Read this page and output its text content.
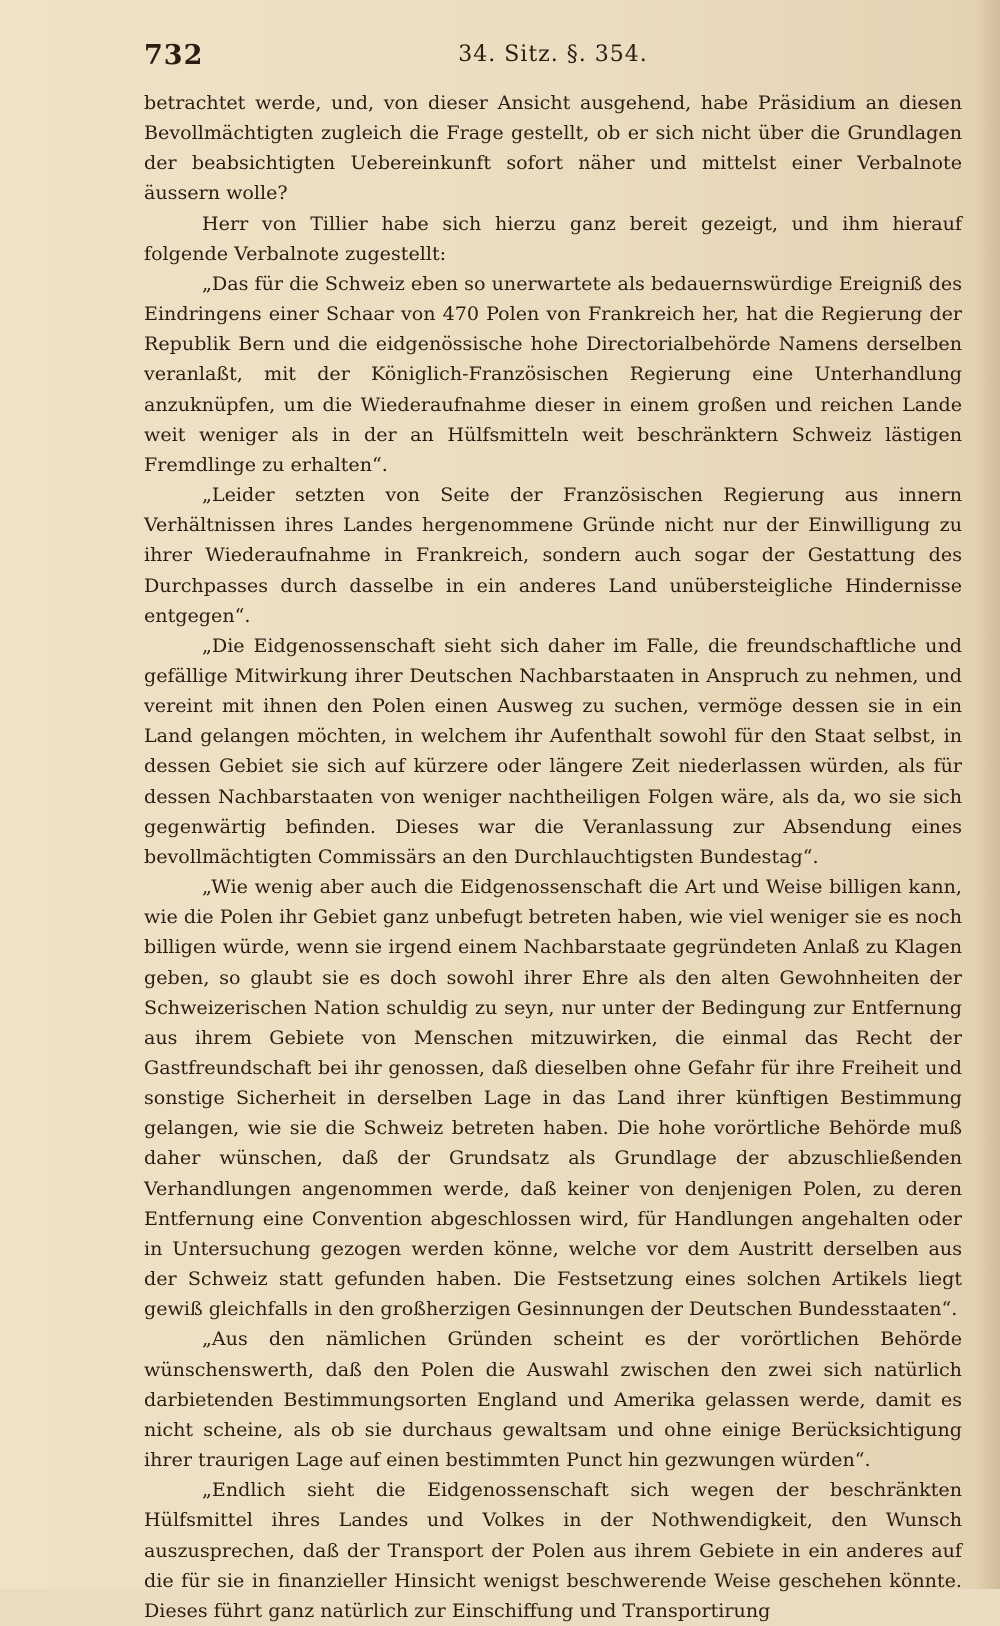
732	34. Sitz. §. 354.

betrachtet werde, und, von dieser Ansicht ausgehend, habe Präsidium an diesen Bevollmächtigten zugleich die Frage gestellt, ob er sich nicht über die Grundlagen der beabsichtigten Uebereinkunft sofort näher und mittelst einer Verbalnote äussern wolle?

Herr von Tillier habe sich hierzu ganz bereit gezeigt, und ihm hierauf folgende Verbalnote zugestellt:

„Das für die Schweiz eben so unerwartete als bedauernswürdige Ereigniß des Eindringens einer Schaar von 470 Polen von Frankreich her, hat die Regierung der Republik Bern und die eidgenössische hohe Directorialbehörde Namens derselben veranlaßt, mit der Königlich-Französischen Regierung eine Unterhandlung anzuknüpfen, um die Wiederaufnahme dieser in einem großen und reichen Lande weit weniger als in der an Hülfsmitteln weit beschränktern Schweiz lästigen Fremdlinge zu erhalten“.

„Leider setzten von Seite der Französischen Regierung aus innern Verhältnissen ihres Landes hergenommene Gründe nicht nur der Einwilligung zu ihrer Wiederaufnahme in Frankreich, sondern auch sogar der Gestattung des Durchpasses durch dasselbe in ein anderes Land unübersteigliche Hindernisse entgegen“.

„Die Eidgenossenschaft sieht sich daher im Falle, die freundschaftliche und gefällige Mitwirkung ihrer Deutschen Nachbarstaaten in Anspruch zu nehmen, und vereint mit ihnen den Polen einen Ausweg zu suchen, vermöge dessen sie in ein Land gelangen möchten, in welchem ihr Aufenthalt sowohl für den Staat selbst, in dessen Gebiet sie sich auf kürzere oder längere Zeit niederlassen würden, als für dessen Nachbarstaaten von weniger nachtheiligen Folgen wäre, als da, wo sie sich gegenwärtig befinden. Dieses war die Veranlassung zur Absendung eines bevollmächtigten Commissärs an den Durchlauchtigsten Bundestag“.

„Wie wenig aber auch die Eidgenossenschaft die Art und Weise billigen kann, wie die Polen ihr Gebiet ganz unbefugt betreten haben, wie viel weniger sie es noch billigen würde, wenn sie irgend einem Nachbarstaate gegründeten Anlaß zu Klagen geben, so glaubt sie es doch sowohl ihrer Ehre als den alten Gewohnheiten der Schweizerischen Nation schuldig zu seyn, nur unter der Bedingung zur Entfernung aus ihrem Gebiete von Menschen mitzuwirken, die einmal das Recht der Gastfreundschaft bei ihr genossen, daß dieselben ohne Gefahr für ihre Freiheit und sonstige Sicherheit in derselben Lage in das Land ihrer künftigen Bestimmung gelangen, wie sie die Schweiz betreten haben. Die hohe vorörtliche Behörde muß daher wünschen, daß der Grundsatz als Grundlage der abzuschließenden Verhandlungen angenommen werde, daß keiner von denjenigen Polen, zu deren Entfernung eine Convention abgeschlossen wird, für Handlungen angehalten oder in Untersuchung gezogen werden könne, welche vor dem Austritt derselben aus der Schweiz statt gefunden haben. Die Festsetzung eines solchen Artikels liegt gewiß gleichfalls in den großherzigen Gesinnungen der Deutschen Bundesstaaten“.

„Aus den nämlichen Gründen scheint es der vorörtlichen Behörde wünschenswerth, daß den Polen die Auswahl zwischen den zwei sich natürlich darbietenden Bestimmungsorten England und Amerika gelassen werde, damit es nicht scheine, als ob sie durchaus gewaltsam und ohne einige Berücksichtigung ihrer traurigen Lage auf einen bestimmten Punct hin gezwungen würden“.

„Endlich sieht die Eidgenossenschaft sich wegen der beschränkten Hülfsmittel ihres Landes und Volkes in der Nothwendigkeit, den Wunsch auszusprechen, daß der Transport der Polen aus ihrem Gebiete in ein anderes auf die für sie in finanzieller Hinsicht wenigst beschwerende Weise geschehen könnte. Dieses führt ganz natürlich zur Einschiffung und Transportirung
